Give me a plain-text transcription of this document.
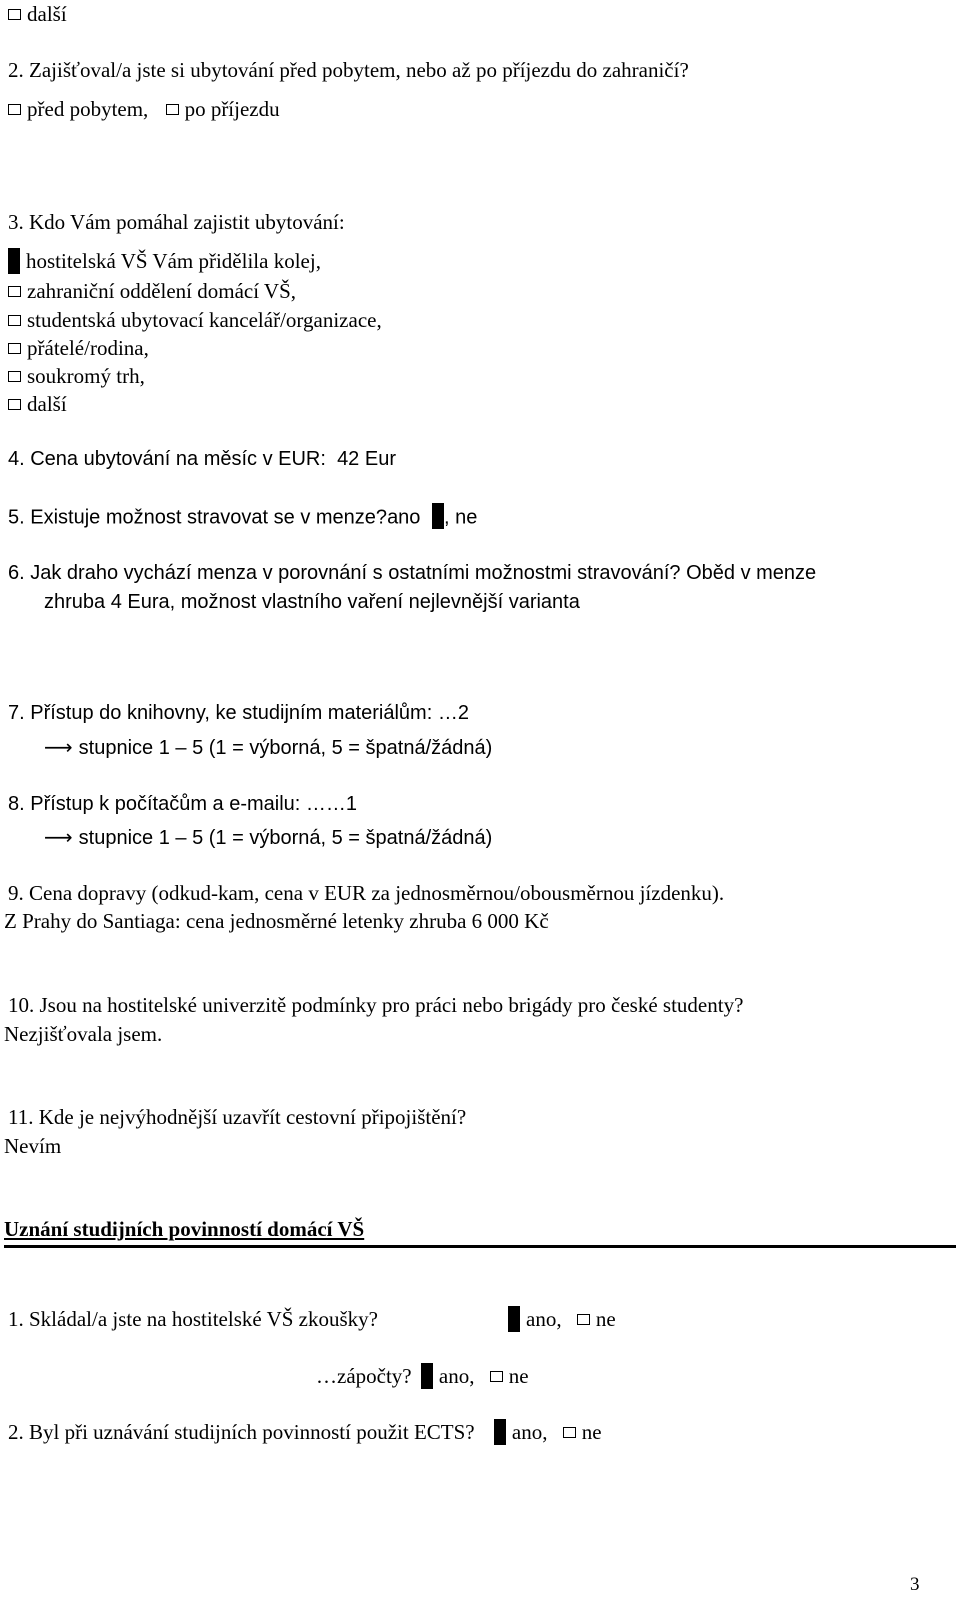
další
2. Zajišťoval/a jste si ubytování před pobytem, nebo až po příjezdu do zahraničí?
před pobytem, po příjezdu
3. Kdo Vám pomáhal zajistit ubytování:
hostitelská VŠ Vám přidělila kolej,
zahraniční oddělení domácí VŠ,
studentská ubytovací kancelář/organizace,
přátelé/rodina,
soukromý trh,
další
4. Cena ubytování na měsíc v EUR: 42 Eur
5. Existuje možnost stravovat se v menze?ano , ne
6. Jak draho vychází menza v porovnání s ostatními možnostmi stravování? Oběd v menze
zhruba 4 Eura, možnost vlastního vaření nejlevnější varianta
7. Přístup do knihovny, ke studijním materiálům: …2
⟶ stupnice 1 – 5 (1 = výborná, 5 = špatná/žádná)
8. Přístup k počítačům a e-mailu: ……1
⟶ stupnice 1 – 5 (1 = výborná, 5 = špatná/žádná)
9. Cena dopravy (odkud-kam, cena v EUR za jednosměrnou/obousměrnou jízdenku).
Z Prahy do Santiaga: cena jednosměrné letenky zhruba 6 000 Kč
10. Jsou na hostitelské univerzitě podmínky pro práci nebo brigády pro české studenty?
Nezjišťovala jsem.
11. Kde je nejvýhodnější uzavřít cestovní připojištění?
Nevím
Uznání studijních povinností domácí VŠ
1. Skládal/a jste na hostitelské VŠ zkoušky?	ano, ne
…zápočty? ano, ne
2. Byl při uznávání studijních povinností použit ECTS? ano, ne
3
